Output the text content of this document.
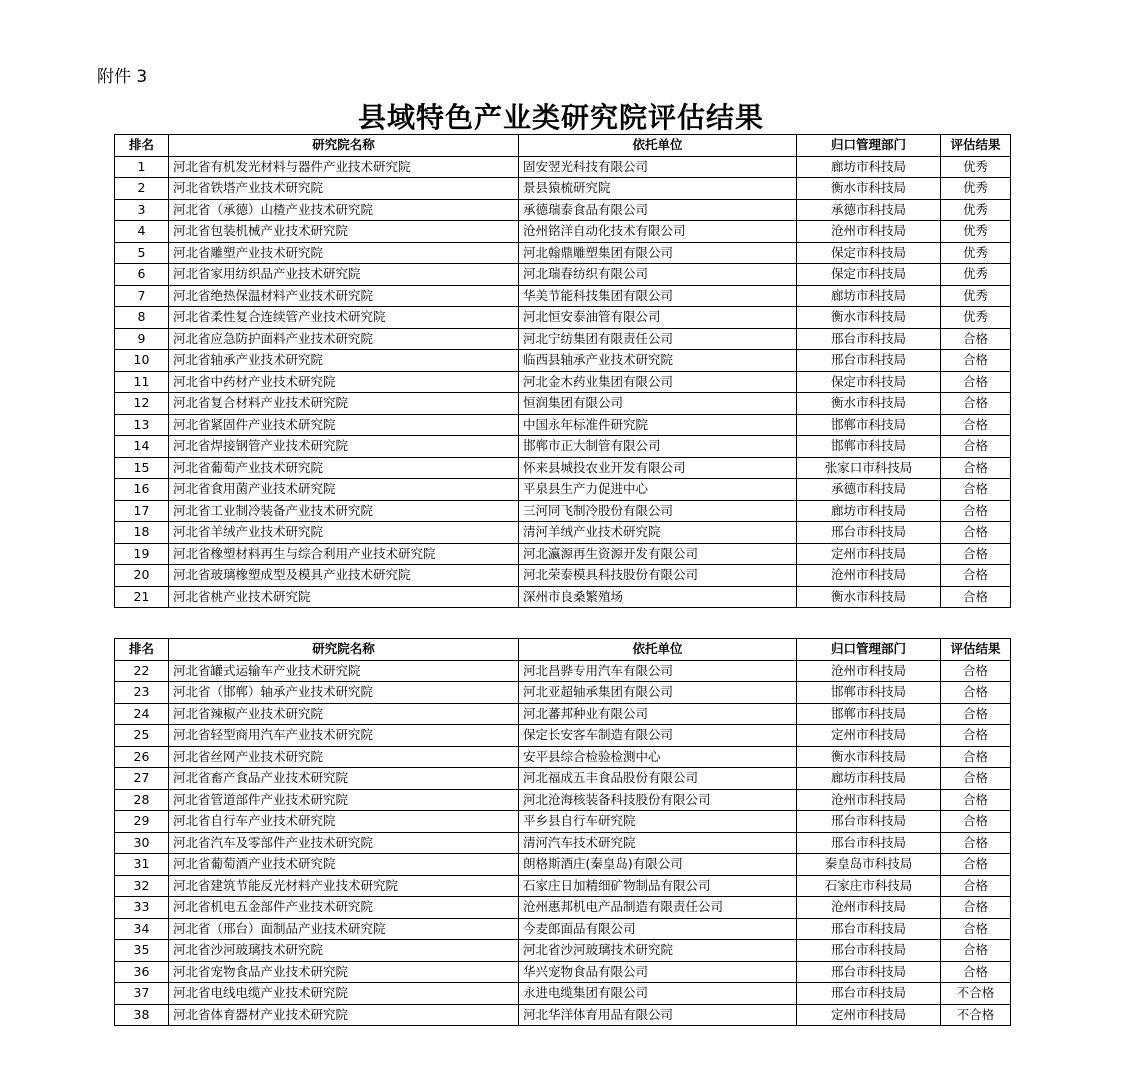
附件 3
县域特色产业类研究院评估结果
排名	研究院名称	依托单位	归口管理部门	评估结果
1	河北省有机发光材料与器件产业技术研究院	固安翌光科技有限公司	廊坊市科技局	优秀
2	河北省铁塔产业技术研究院	景县猿梳研究院	衡水市科技局	优秀
3	河北省（承德）山楂产业技术研究院	承德瑞泰食品有限公司	承德市科技局	优秀
4	河北省包装机械产业技术研究院	沧州铭洋自动化技术有限公司	沧州市科技局	优秀
5	河北省雕塑产业技术研究院	河北翰鼎雕塑集团有限公司	保定市科技局	优秀
6	河北省家用纺织品产业技术研究院	河北瑞春纺织有限公司	保定市科技局	优秀
7	河北省绝热保温材料产业技术研究院	华美节能科技集团有限公司	廊坊市科技局	优秀
8	河北省柔性复合连续管产业技术研究院	河北恒安泰油管有限公司	衡水市科技局	优秀
9	河北省应急防护面料产业技术研究院	河北宁纺集团有限责任公司	邢台市科技局	合格
10	河北省轴承产业技术研究院	临西县轴承产业技术研究院	邢台市科技局	合格
11	河北省中药材产业技术研究院	河北金木药业集团有限公司	保定市科技局	合格
12	河北省复合材料产业技术研究院	恒润集团有限公司	衡水市科技局	合格
13	河北省紧固件产业技术研究院	中国永年标准件研究院	邯郸市科技局	合格
14	河北省焊接钢管产业技术研究院	邯郸市正大制管有限公司	邯郸市科技局	合格
15	河北省葡萄产业技术研究院	怀来县城投农业开发有限公司	张家口市科技局	合格
16	河北省食用菌产业技术研究院	平泉县生产力促进中心	承德市科技局	合格
17	河北省工业制冷装备产业技术研究院	三河同飞制冷股份有限公司	廊坊市科技局	合格
18	河北省羊绒产业技术研究院	清河羊绒产业技术研究院	邢台市科技局	合格
19	河北省橡塑材料再生与综合利用产业技术研究院	河北瀛源再生资源开发有限公司	定州市科技局	合格
20	河北省玻璃橡塑成型及模具产业技术研究院	河北荣泰模具科技股份有限公司	沧州市科技局	合格
21	河北省桃产业技术研究院	深州市良桑繁殖场	衡水市科技局	合格
排名	研究院名称	依托单位	归口管理部门	评估结果
22	河北省罐式运输车产业技术研究院	河北昌骅专用汽车有限公司	沧州市科技局	合格
23	河北省（邯郸）轴承产业技术研究院	河北亚超轴承集团有限公司	邯郸市科技局	合格
24	河北省辣椒产业技术研究院	河北蕃邦种业有限公司	邯郸市科技局	合格
25	河北省轻型商用汽车产业技术研究院	保定长安客车制造有限公司	定州市科技局	合格
26	河北省丝网产业技术研究院	安平县综合检验检测中心	衡水市科技局	合格
27	河北省畜产食品产业技术研究院	河北福成五丰食品股份有限公司	廊坊市科技局	合格
28	河北省管道部件产业技术研究院	河北沧海核装备科技股份有限公司	沧州市科技局	合格
29	河北省自行车产业技术研究院	平乡县自行车研究院	邢台市科技局	合格
30	河北省汽车及零部件产业技术研究院	清河汽车技术研究院	邢台市科技局	合格
31	河北省葡萄酒产业技术研究院	朗格斯酒庄(秦皇岛)有限公司	秦皇岛市科技局	合格
32	河北省建筑节能反光材料产业技术研究院	石家庄日加精细矿物制品有限公司	石家庄市科技局	合格
33	河北省机电五金部件产业技术研究院	沧州惠邦机电产品制造有限责任公司	沧州市科技局	合格
34	河北省（邢台）面制品产业技术研究院	今麦郎面品有限公司	邢台市科技局	合格
35	河北省沙河玻璃技术研究院	河北省沙河玻璃技术研究院	邢台市科技局	合格
36	河北省宠物食品产业技术研究院	华兴宠物食品有限公司	邢台市科技局	合格
37	河北省电线电缆产业技术研究院	永进电缆集团有限公司	邢台市科技局	不合格
38	河北省体育器材产业技术研究院	河北华洋体育用品有限公司	定州市科技局	不合格
